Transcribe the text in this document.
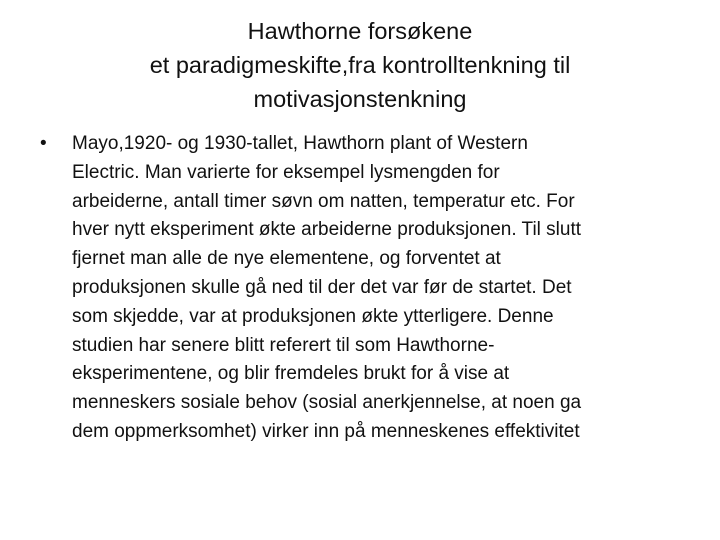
Hawthorne forsøkene
et paradigmeskifte,fra kontrolltenkning til
motivasjonstenkning
•	Mayo,1920- og 1930-tallet, Hawthorn plant of Western
Electric. Man varierte for eksempel lysmengden for
arbeiderne, antall timer søvn om natten, temperatur etc. For
hver nytt eksperiment økte arbeiderne produksjonen. Til slutt
fjernet man alle de nye elementene, og forventet at
produksjonen skulle gå ned til der det var før de startet. Det
som skjedde, var at produksjonen økte ytterligere. Denne
studien har senere blitt referert til som Hawthorne-
eksperimentene, og blir fremdeles brukt for å vise at
menneskers sosiale behov (sosial anerkjennelse, at noen ga
dem oppmerksomhet) virker inn på menneskenes effektivitet
